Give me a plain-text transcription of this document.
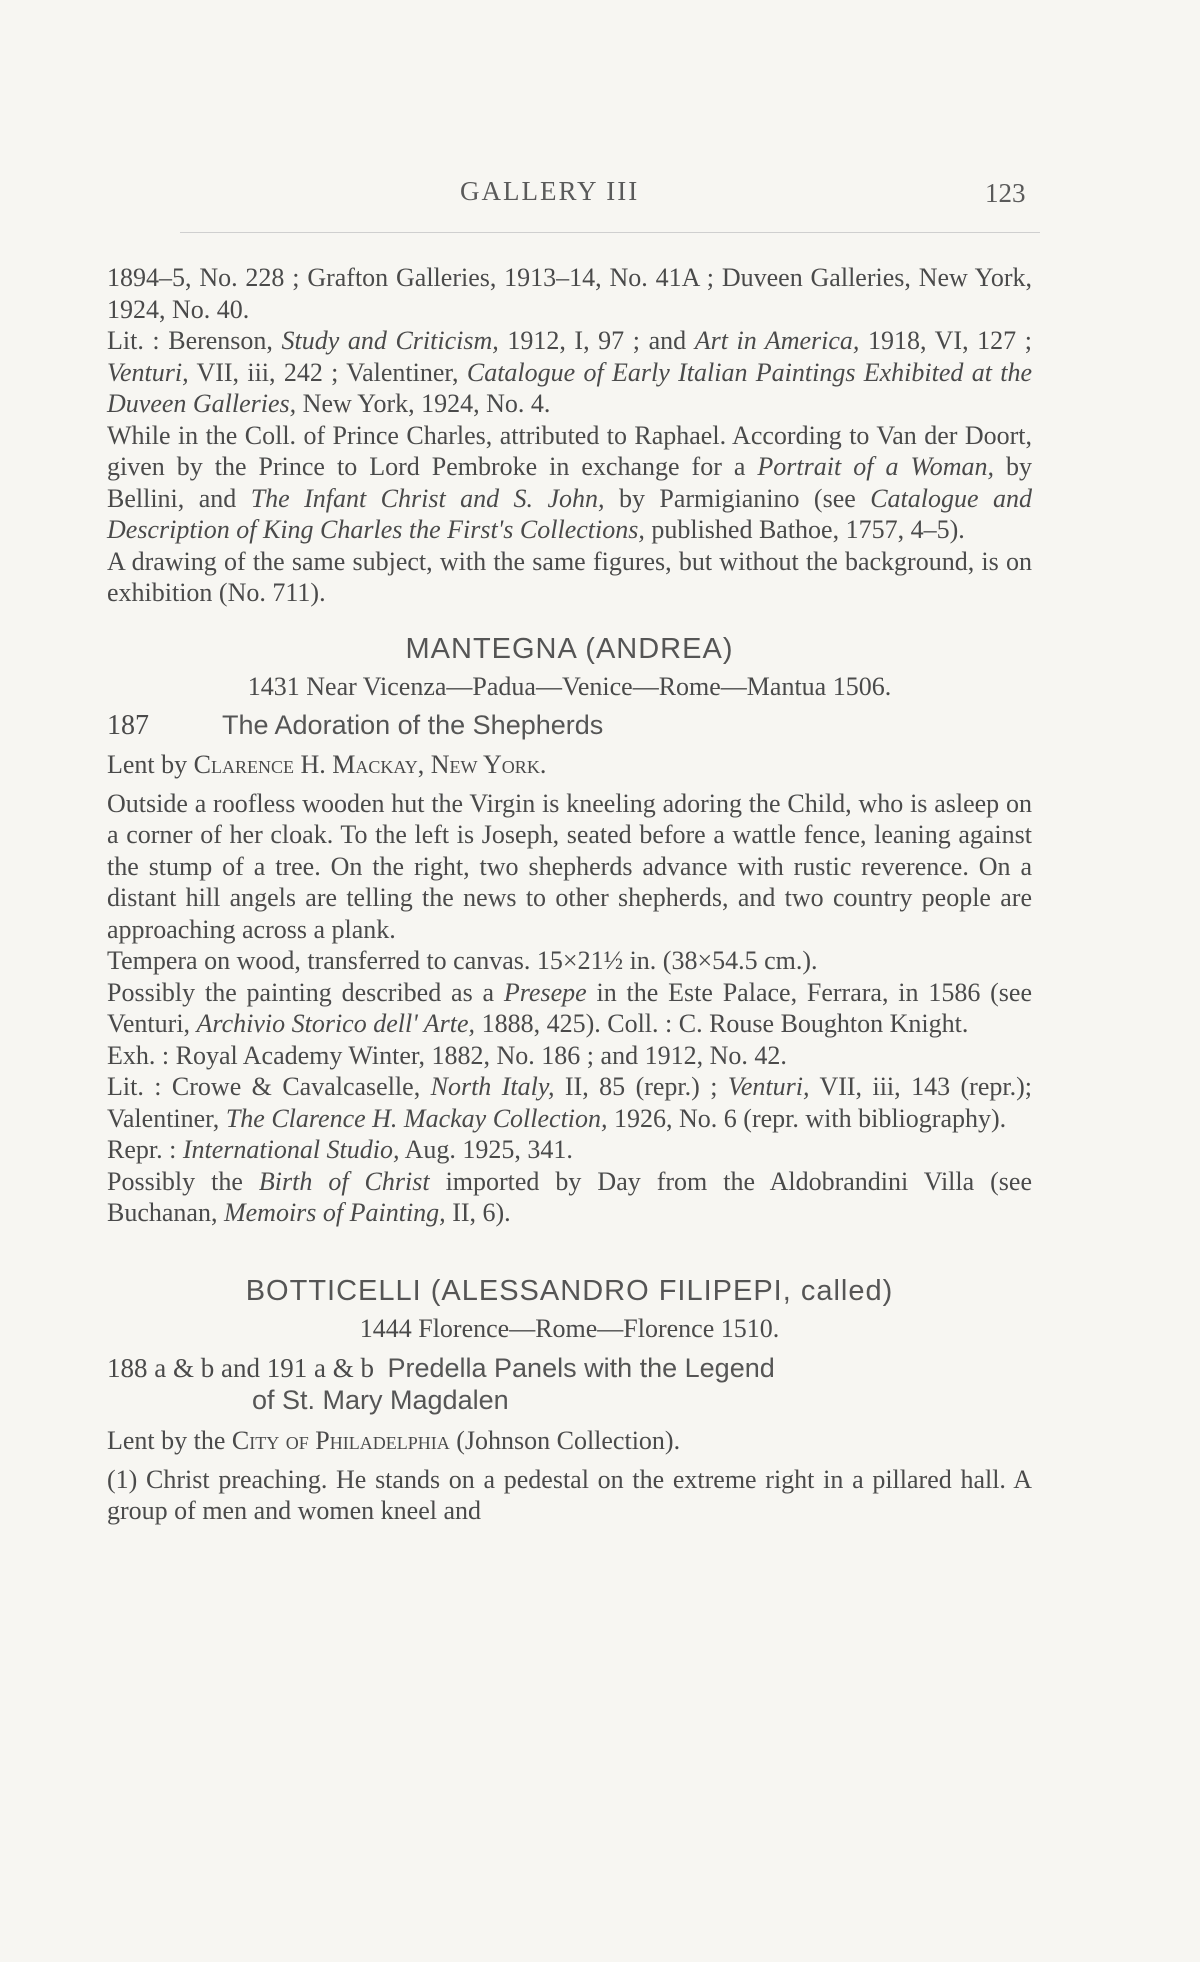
GALLERY III	123

1894–5, No. 228 ; Grafton Galleries, 1913–14, No. 41A ; Duveen Galleries, New York, 1924, No. 40.

Lit. : Berenson, Study and Criticism, 1912, I, 97 ; and Art in America, 1918, VI, 127 ; Venturi, VII, iii, 242 ; Valentiner, Catalogue of Early Italian Paintings Exhibited at the Duveen Galleries, New York, 1924, No. 4.

While in the Coll. of Prince Charles, attributed to Raphael. According to Van der Doort, given by the Prince to Lord Pembroke in exchange for a Portrait of a Woman, by Bellini, and The Infant Christ and S. John, by Parmigianino (see Catalogue and Description of King Charles the First's Collections, published Bathoe, 1757, 4–5).

A drawing of the same subject, with the same figures, but without the background, is on exhibition (No. 711).

MANTEGNA (ANDREA)

1431 Near Vicenza—Padua—Venice—Rome—Mantua 1506.

187	The Adoration of the Shepherds

Lent by Clarence H. Mackay, New York.

Outside a roofless wooden hut the Virgin is kneeling adoring the Child, who is asleep on a corner of her cloak. To the left is Joseph, seated before a wattle fence, leaning against the stump of a tree. On the right, two shepherds advance with rustic reverence. On a distant hill angels are telling the news to other shepherds, and two country people are approaching across a plank.

Tempera on wood, transferred to canvas. 15×21½ in. (38×54.5 cm.).

Possibly the painting described as a Presepe in the Este Palace, Ferrara, in 1586 (see Venturi, Archivio Storico dell' Arte, 1888, 425). Coll. : C. Rouse Boughton Knight.

Exh. : Royal Academy Winter, 1882, No. 186 ; and 1912, No. 42.

Lit. : Crowe & Cavalcaselle, North Italy, II, 85 (repr.) ; Venturi, VII, iii, 143 (repr.); Valentiner, The Clarence H. Mackay Collection, 1926, No. 6 (repr. with bibliography).

Repr. : International Studio, Aug. 1925, 341.

Possibly the Birth of Christ imported by Day from the Aldobrandini Villa (see Buchanan, Memoirs of Painting, II, 6).

BOTTICELLI (ALESSANDRO FILIPEPI, called)

1444 Florence—Rome—Florence 1510.

188 a & b and 191 a & b Predella Panels with the Legend
of St. Mary Magdalen

Lent by the City of Philadelphia (Johnson Collection).

(1) Christ preaching. He stands on a pedestal on the extreme right in a pillared hall. A group of men and women kneel and
